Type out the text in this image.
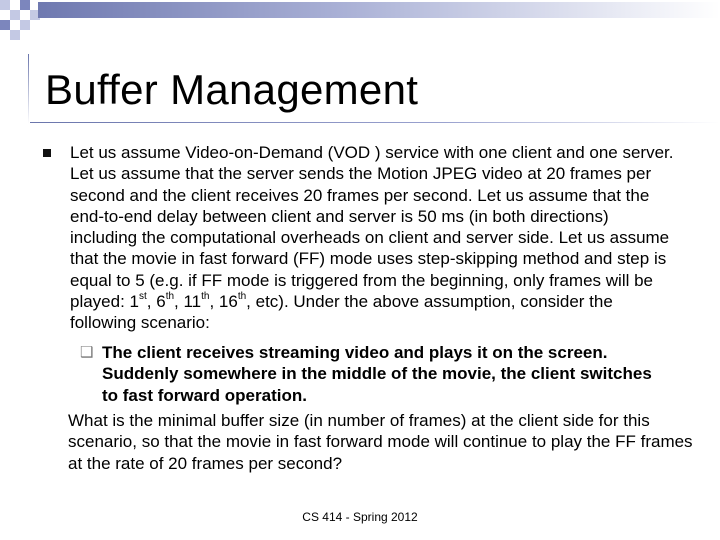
Buffer Management

Let us assume Video-on-Demand (VOD ) service with one client and one server. Let us assume that the server sends the Motion JPEG video at 20 frames per second and the client receives 20 frames per second. Let us assume that the end-to-end delay between client and server is 50 ms (in both directions) including the computational overheads on client and server side. Let us assume that the movie in fast forward (FF) mode uses step-skipping method and step is equal to 5 (e.g. if FF mode is triggered from the beginning, only frames will be played: 1st, 6th, 11th, 16th, etc). Under the above assumption, consider the following scenario:

❑ The client receives streaming video and plays it on the screen. Suddenly somewhere in the middle of the movie, the client switches to fast forward operation.

What is the minimal buffer size (in number of frames) at the client side for this scenario, so that the movie in fast forward mode will continue to play the FF frames at the rate of 20 frames per second?

CS 414 - Spring 2012
